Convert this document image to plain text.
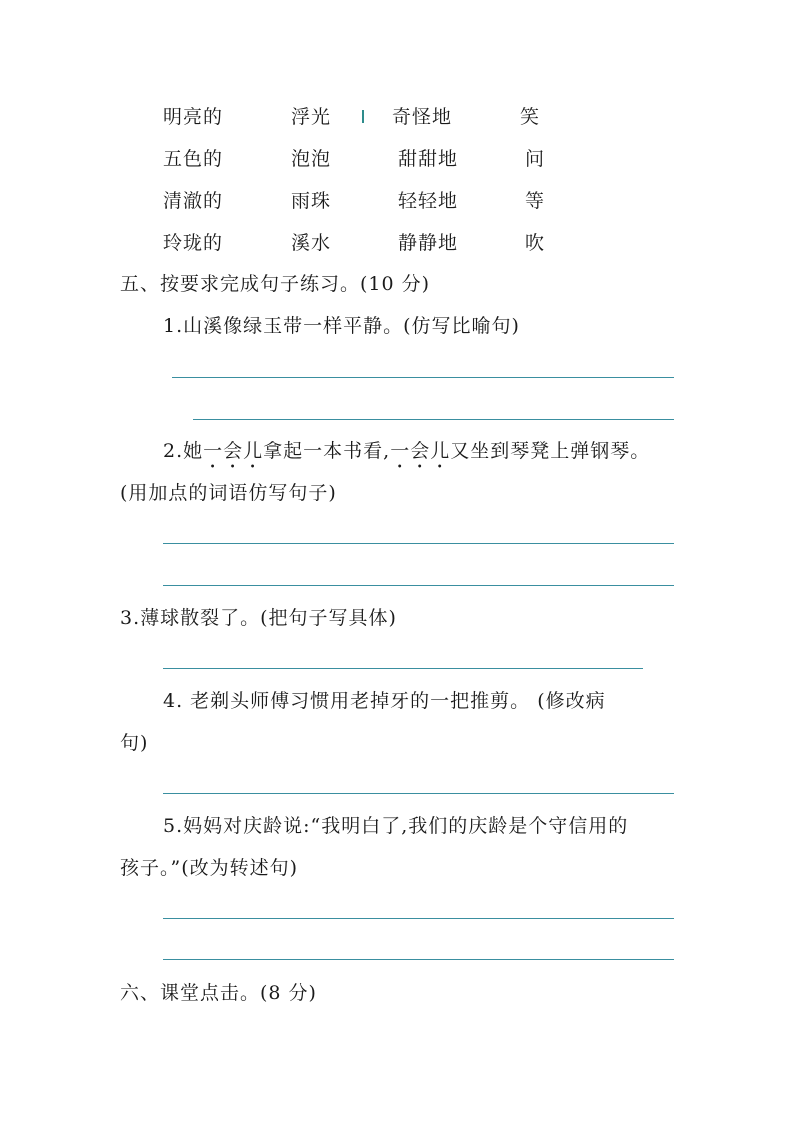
明亮的	浮光	奇怪地	笑
五色的	泡泡	甜甜地	问
清澈的	雨珠	轻轻地	等
玲珑的	溪水	静静地	吹
五、按要求完成句子练习。(10 分)
1.山溪像绿玉带一样平静。(仿写比喻句)
2.她一会儿拿起一本书看,一会儿又坐到琴凳上弹钢琴。
(用加点的词语仿写句子)
3.薄球散裂了。(把句子写具体)
4. 老剃头师傅习惯用老掉牙的一把推剪。 (修改病
句)
5.妈妈对庆龄说:“我明白了,我们的庆龄是个守信用的
孩子。”(改为转述句)
六、课堂点击。(8 分)
